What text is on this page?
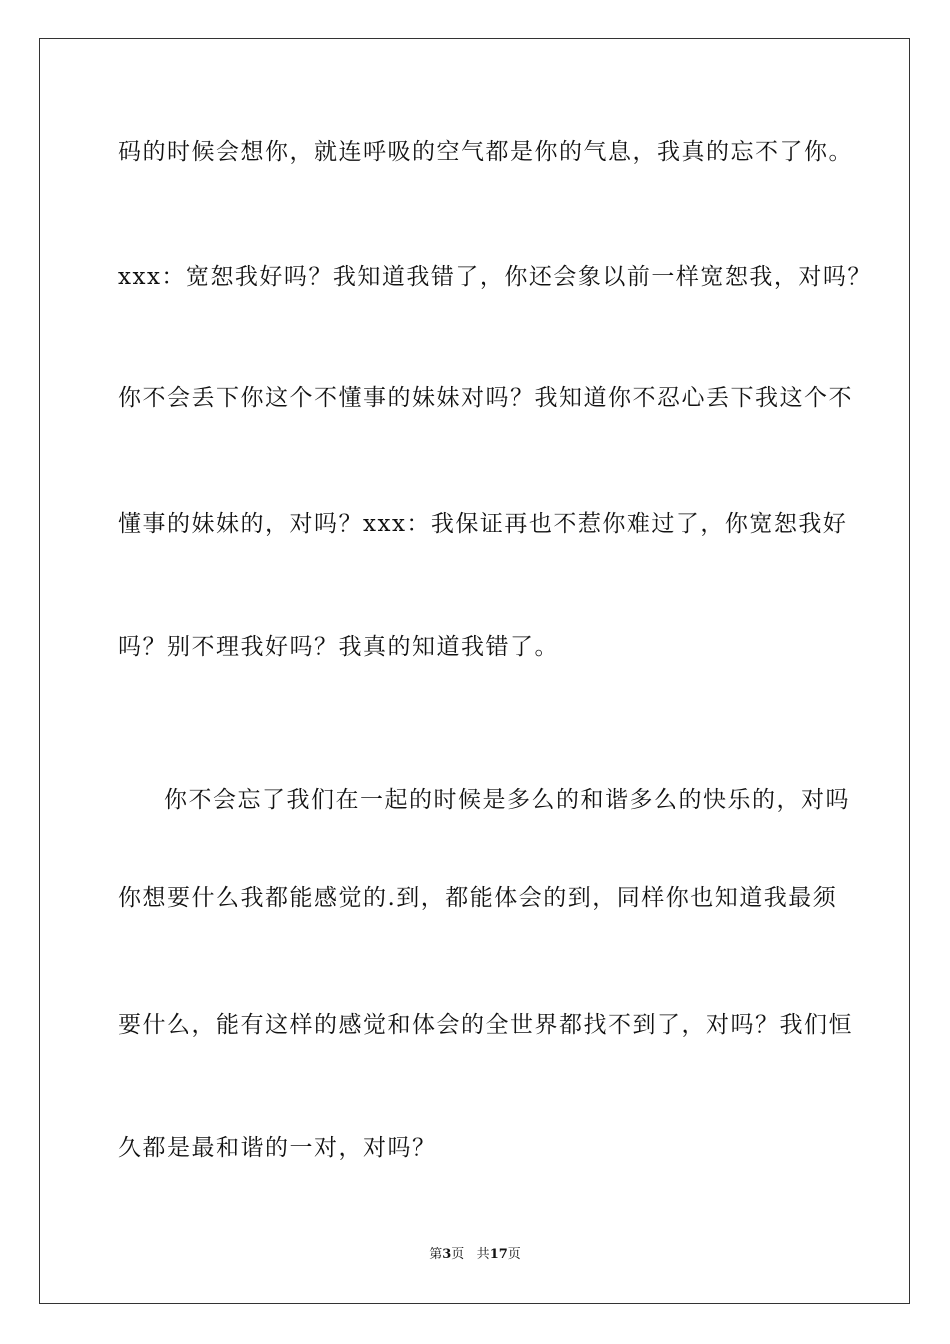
码的时候会想你，就连呼吸的空气都是你的气息，我真的忘不了你。
xxx：宽恕我好吗？我知道我错了，你还会象以前一样宽恕我，对吗？
你不会丢下你这个不懂事的妹妹对吗？我知道你不忍心丢下我这个不
懂事的妹妹的，对吗？xxx：我保证再也不惹你难过了，你宽恕我好
吗？别不理我好吗？我真的知道我错了。
你不会忘了我们在一起的时候是多么的和谐多么的快乐的，对吗
你想要什么我都能感觉的.到，都能体会的到，同样你也知道我最须
要什么，能有这样的感觉和体会的全世界都找不到了，对吗？我们恒
久都是最和谐的一对，对吗？
第3页 共17页
